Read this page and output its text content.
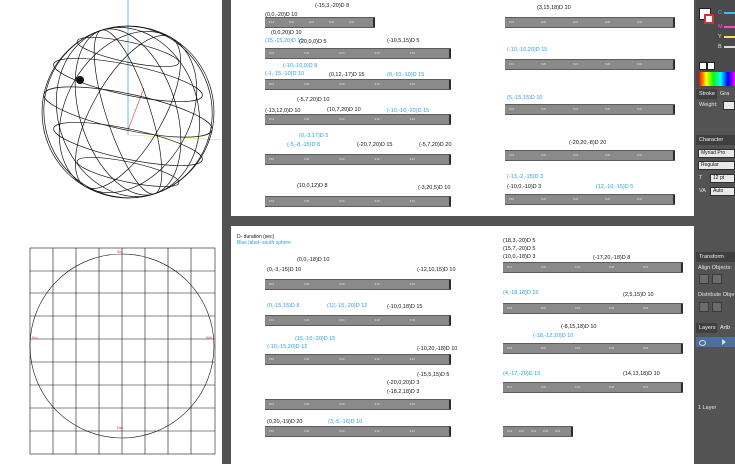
Sm
Fm	Wb
Nm
9:16	9:20	9:24	9:28	9:32
9:16	9:20	9:24	9:28	9:32
9:16	9:20	9:24	9:28	9:32
9:16	9:20	9:24	9:28	9:32
9:16	9:20	9:24	9:28	9:32
9:16	9:20	9:24	9:28	9:32
9:16	9:20	9:24	9:28	9:32
9:16	9:20	9:24	9:28	9:32
9:16	9:20	9:24	9:28	9:32
9:16	9:20	9:24	9:28	9:32
9:16	9:20	9:24	9:28	9:32
(-15,3,-20)D 8
(0,0,-20)D 10
(0,0,20)D 10
(15,-15,20)D 10
(20,0,0)D 5	(-10,5,15)D 5
(-10,-10,0)D 8
(-1,-15,-10)D 10	(0,12,-17)D 15	(0,-10,-10)D 15
(-5,7,20)D 10
(-13,12,0)D 10	(10,7,20)D 10	(-10,-10,-20)D 15
(0,-3,17)D 5
(-5,-8,-15)D 8	(-20,7,20)D 15	(-5,7,20)D 20
(10,0,12)D 8	(-3,20,5)D 10
(3,15,18)D 10
(-10,-10,20)D 15
(5,-15,15)D 10
(-20,20,-8)D 20
(-13,-2,-15)D 3
(-10,0,-10)D 3	(12,-10,-15)D 5
D- duration (sec)
Blue label- south sphere
9:16	9:20	9:24	9:28	9:32
9:16	9:20	9:24	9:28	9:32
9:16	9:20	9:24	9:28	9:32
9:16	9:20	9:24	9:28	9:32
9:16	9:20	9:24	9:28	9:32
9:16	9:20	9:24	9:28	9:32
9:16	9:20	9:24	9:28	9:32
9:16	9:20	9:24	9:28	9:32
9:16	9:20	9:24	9:28	9:32
9:16	9:20	9:24	9:28	9:32
(0,0,-18)D 10
(0,-3,-15)D 10	(-12,10,15)D 10
(0,-15,15)D 8	(12,-15,-20)D 12	(-10,0,18)D 15
(15,-10,-20)D 15
(-10,-15,20)D 12	(-10,20,-18)D 10
(-15,5,15)D 5
(-20,0,20)D 3
(-18,2,18)D 3
(0,20,-19)D 20	(3,-5,-16)D 10
(18,3,-20)D 5
(15,7,-20)D 5
(10,0,-18)D 3	(-17,20,-18)D 8
(4,-18,18)D 15	(2,5,15)D 10
(-8,15,18)D 10
(-18,-12,20)D 10
(4,-17,-20)D 15	(14,13,18)D 10
C
M
Y
B
Stroke Gra
Weight:
Character
Myriad Pro
Regular
T	12 pt
VA	Auto
Transform
Align Objects:
Distribute Obje
Layers Artb
1 Layer
